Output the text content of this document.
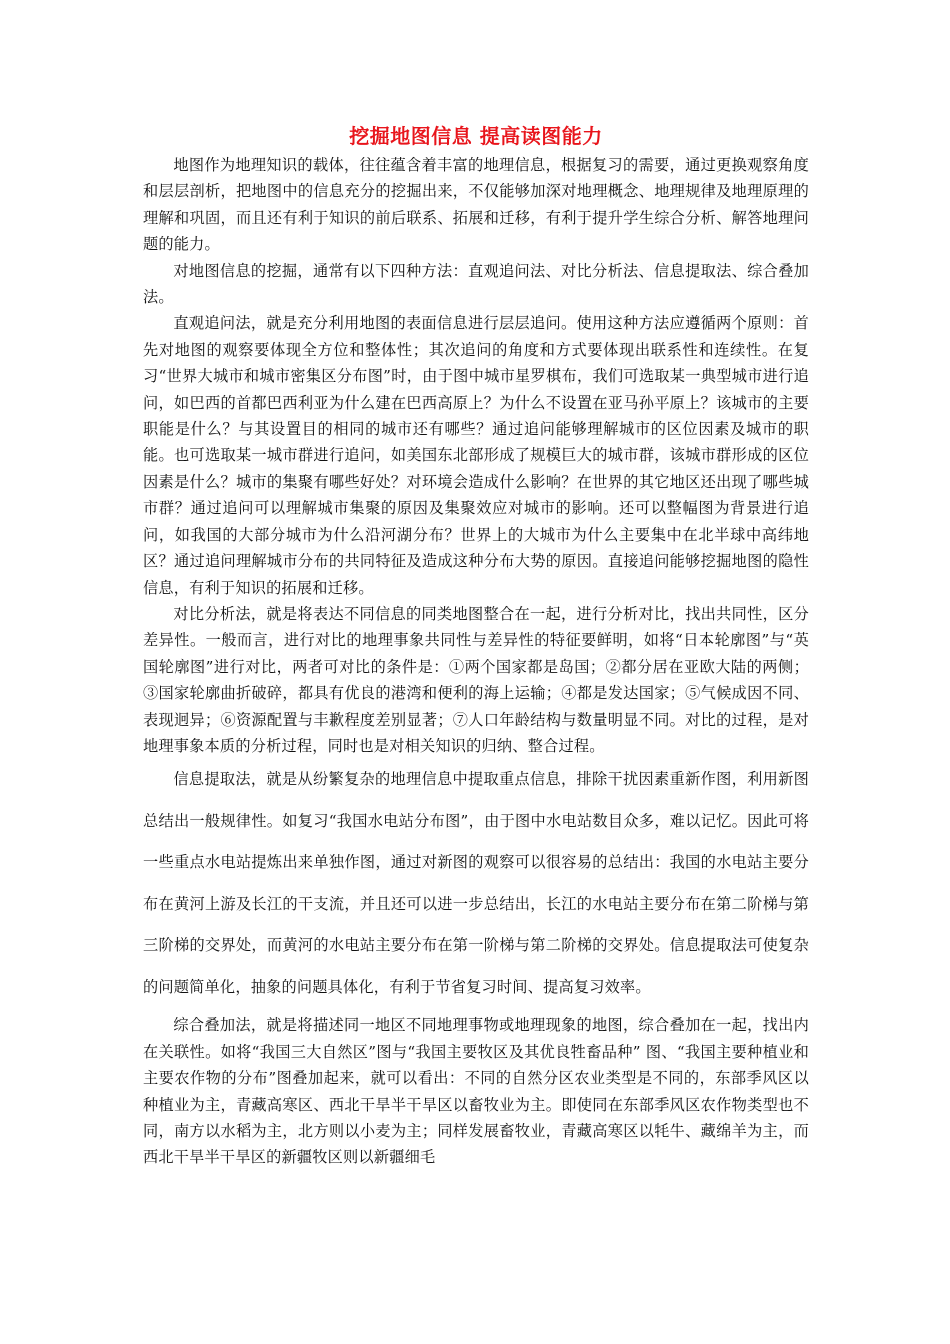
挖掘地图信息 提高读图能力

地图作为地理知识的载体，往往蕴含着丰富的地理信息，根据复习的需要，通过更换观察角度和层层剖析，把地图中的信息充分的挖掘出来，不仅能够加深对地理概念、地理规律及地理原理的理解和巩固，而且还有利于知识的前后联系、拓展和迁移，有利于提升学生综合分析、解答地理问题的能力。

对地图信息的挖掘，通常有以下四种方法：直观追问法、对比分析法、信息提取法、综合叠加法。

直观追问法，就是充分利用地图的表面信息进行层层追问。使用这种方法应遵循两个原则：首先对地图的观察要体现全方位和整体性；其次追问的角度和方式要体现出联系性和连续性。在复习“世界大城市和城市密集区分布图”时，由于图中城市星罗棋布，我们可选取某一典型城市进行追问，如巴西的首都巴西利亚为什么建在巴西高原上？为什么不设置在亚马孙平原上？该城市的主要职能是什么？与其设置目的相同的城市还有哪些？通过追问能够理解城市的区位因素及城市的职能。也可选取某一城市群进行追问，如美国东北部形成了规模巨大的城市群，该城市群形成的区位因素是什么？城市的集聚有哪些好处？对环境会造成什么影响？在世界的其它地区还出现了哪些城市群？通过追问可以理解城市集聚的原因及集聚效应对城市的影响。还可以整幅图为背景进行追问，如我国的大部分城市为什么沿河湖分布？世界上的大城市为什么主要集中在北半球中高纬地区？通过追问理解城市分布的共同特征及造成这种分布大势的原因。直接追问能够挖掘地图的隐性信息，有利于知识的拓展和迁移。

对比分析法，就是将表达不同信息的同类地图整合在一起，进行分析对比，找出共同性，区分差异性。一般而言，进行对比的地理事象共同性与差异性的特征要鲜明，如将“日本轮廓图”与“英国轮廓图”进行对比，两者可对比的条件是：①两个国家都是岛国；②都分居在亚欧大陆的两侧；③国家轮廓曲折破碎，都具有优良的港湾和便利的海上运输；④都是发达国家；⑤气候成因不同、表现迥异；⑥资源配置与丰歉程度差别显著；⑦人口年龄结构与数量明显不同。对比的过程，是对地理事象本质的分析过程，同时也是对相关知识的归纳、整合过程。

信息提取法，就是从纷繁复杂的地理信息中提取重点信息，排除干扰因素重新作图，利用新图总结出一般规律性。如复习“我国水电站分布图”，由于图中水电站数目众多，难以记忆。因此可将一些重点水电站提炼出来单独作图，通过对新图的观察可以很容易的总结出：我国的水电站主要分布在黄河上游及长江的干支流，并且还可以进一步总结出，长江的水电站主要分布在第二阶梯与第三阶梯的交界处，而黄河的水电站主要分布在第一阶梯与第二阶梯的交界处。信息提取法可使复杂的问题简单化，抽象的问题具体化，有利于节省复习时间、提高复习效率。

综合叠加法，就是将描述同一地区不同地理事物或地理现象的地图，综合叠加在一起，找出内在关联性。如将“我国三大自然区”图与“我国主要牧区及其优良牲畜品种” 图、“我国主要种植业和主要农作物的分布”图叠加起来，就可以看出：不同的自然分区农业类型是不同的，东部季风区以种植业为主，青藏高寒区、西北干旱半干旱区以畜牧业为主。即使同在东部季风区农作物类型也不同，南方以水稻为主，北方则以小麦为主；同样发展畜牧业，青藏高寒区以牦牛、藏绵羊为主，而西北干旱半干旱区的新疆牧区则以新疆细毛
